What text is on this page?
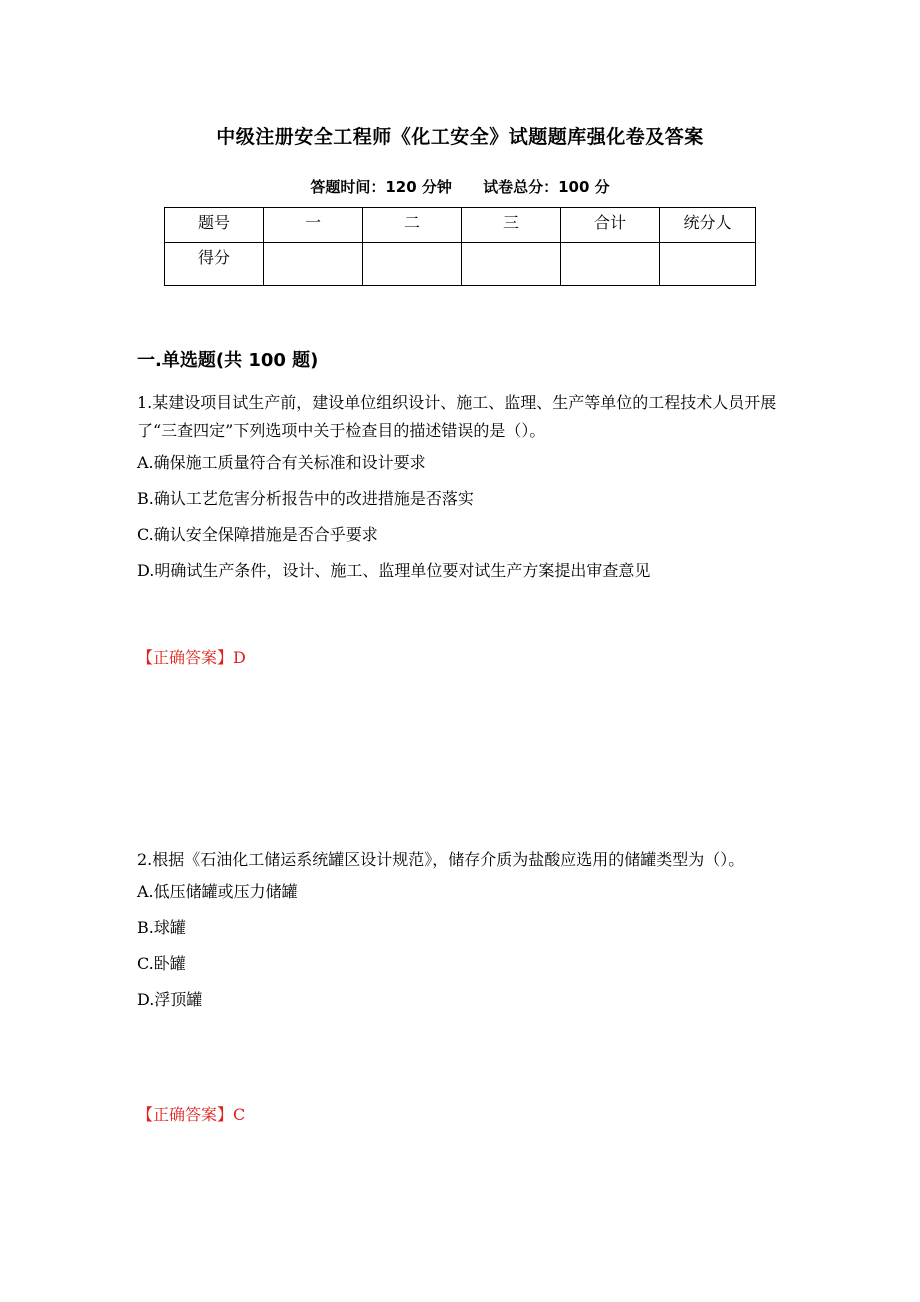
中级注册安全工程师《化工安全》试题题库强化卷及答案
答题时间：120 分钟 试卷总分：100 分
题号	一	二	三	合计	统分人
得分					
一.单选题(共 100 题)

1.某建设项目试生产前，建设单位组织设计、施工、监理、生产等单位的工程技术人员开展了“三查四定”下列选项中关于检查目的描述错误的是（）。

A.确保施工质量符合有关标准和设计要求

B.确认工艺危害分析报告中的改进措施是否落实

C.确认安全保障措施是否合乎要求

D.明确试生产条件，设计、施工、监理单位要对试生产方案提出审查意见

【正确答案】D

2.根据《石油化工储运系统罐区设计规范》，储存介质为盐酸应选用的储罐类型为（）。

A.低压储罐或压力储罐

B.球罐

C.卧罐

D.浮顶罐

【正确答案】C
